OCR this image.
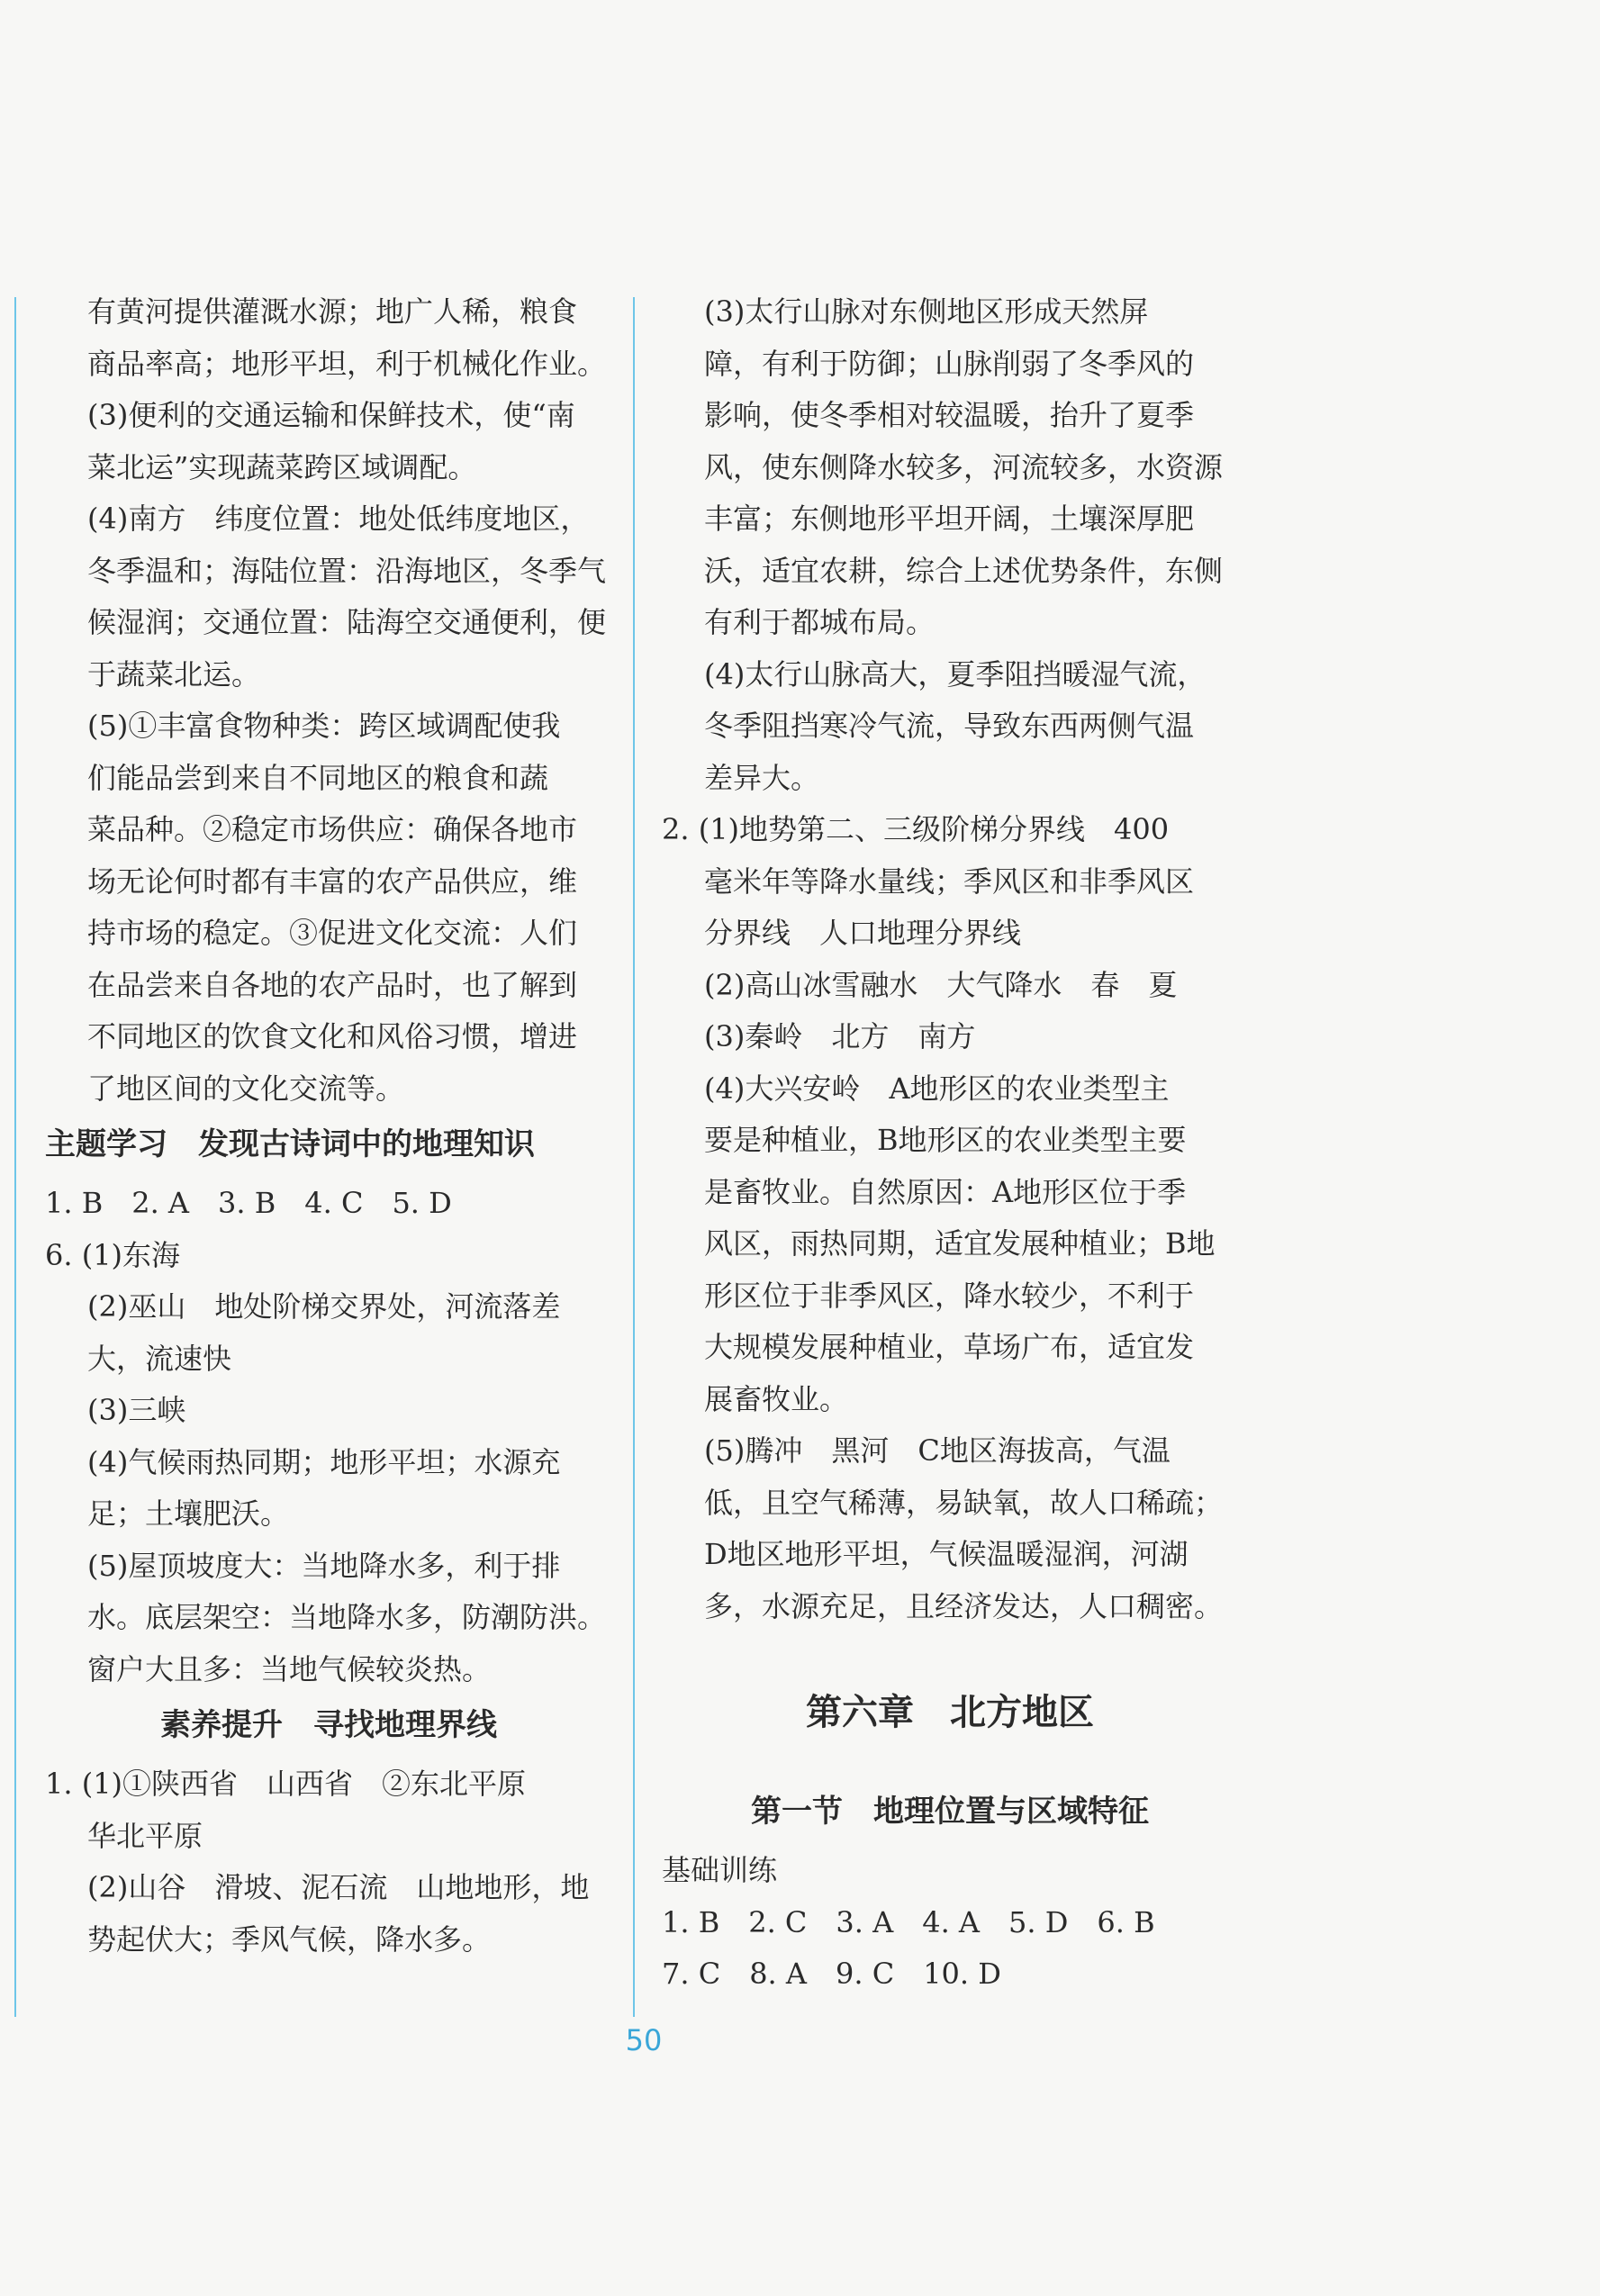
有黄河提供灌溉水源；地广人稀，粮食
商品率高；地形平坦，利于机械化作业。
(3)便利的交通运输和保鲜技术，使“南
菜北运”实现蔬菜跨区域调配。
(4)南方　纬度位置：地处低纬度地区，
冬季温和；海陆位置：沿海地区，冬季气
候湿润；交通位置：陆海空交通便利，便
于蔬菜北运。
(5)①丰富食物种类：跨区域调配使我
们能品尝到来自不同地区的粮食和蔬
菜品种。②稳定市场供应：确保各地市
场无论何时都有丰富的农产品供应，维
持市场的稳定。③促进文化交流：人们
在品尝来自各地的农产品时，也了解到
不同地区的饮食文化和风俗习惯，增进
了地区间的文化交流等。
主题学习　发现古诗词中的地理知识
1. B　2. A　3. B　4. C　5. D
6. (1)东海
(2)巫山　地处阶梯交界处，河流落差
大，流速快
(3)三峡
(4)气候雨热同期；地形平坦；水源充
足；土壤肥沃。
(5)屋顶坡度大：当地降水多，利于排
水。底层架空：当地降水多，防潮防洪。
窗户大且多：当地气候较炎热。
素养提升　寻找地理界线
1. (1)①陕西省　山西省　②东北平原
华北平原
(2)山谷　滑坡、泥石流　山地地形，地
势起伏大；季风气候，降水多。
(3)太行山脉对东侧地区形成天然屏
障，有利于防御；山脉削弱了冬季风的
影响，使冬季相对较温暖，抬升了夏季
风，使东侧降水较多，河流较多，水资源
丰富；东侧地形平坦开阔，土壤深厚肥
沃，适宜农耕，综合上述优势条件，东侧
有利于都城布局。
(4)太行山脉高大，夏季阻挡暖湿气流，
冬季阻挡寒冷气流，导致东西两侧气温
差异大。
2. (1)地势第二、三级阶梯分界线　400
毫米年等降水量线；季风区和非季风区
分界线　人口地理分界线
(2)高山冰雪融水　大气降水　春　夏
(3)秦岭　北方　南方
(4)大兴安岭　A地形区的农业类型主
要是种植业，B地形区的农业类型主要
是畜牧业。自然原因：A地形区位于季
风区，雨热同期，适宜发展种植业；B地
形区位于非季风区，降水较少，不利于
大规模发展种植业，草场广布，适宜发
展畜牧业。
(5)腾冲　黑河　C地区海拔高，气温
低，且空气稀薄，易缺氧，故人口稀疏；
D地区地形平坦，气候温暖湿润，河湖
多，水源充足，且经济发达，人口稠密。
第六章　北方地区
第一节　地理位置与区域特征
基础训练
1. B　2. C　3. A　4. A　5. D　6. B
7. C　8. A　9. C　10. D
50
